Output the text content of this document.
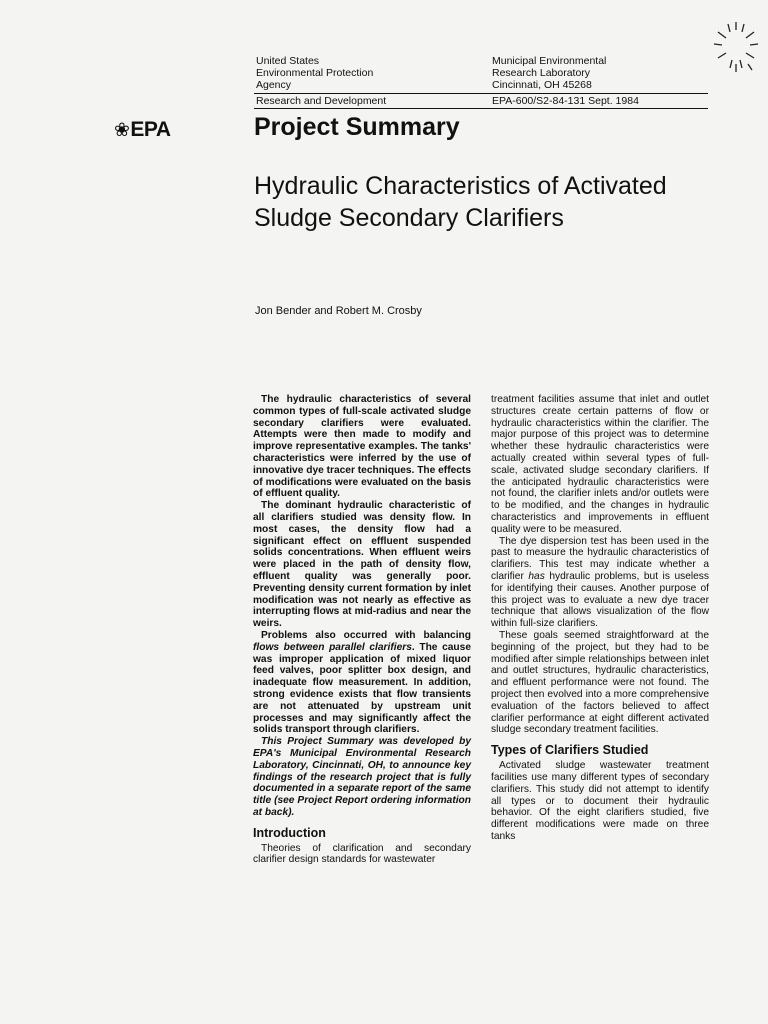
United States
Environmental Protection
Agency
Municipal Environmental
Research Laboratory
Cincinnati, OH 45268
Research and Development	EPA-600/S2-84-131 Sept. 1984
❀EPA	Project Summary
Hydraulic Characteristics of Activated Sludge Secondary Clarifiers
Jon Bender and Robert M. Crosby

The hydraulic characteristics of several common types of full-scale activated sludge secondary clarifiers were evaluated. Attempts were then made to modify and improve representative examples. The tanks' characteristics were inferred by the use of innovative dye tracer techniques. The effects of modifications were evaluated on the basis of effluent quality.

The dominant hydraulic characteristic of all clarifiers studied was density flow. In most cases, the density flow had a significant effect on effluent suspended solids concentrations. When effluent weirs were placed in the path of density flow, effluent quality was generally poor. Preventing density current formation by inlet modification was not nearly as effective as interrupting flows at mid-radius and near the weirs.

Problems also occurred with balancing flows between parallel clarifiers. The cause was improper application of mixed liquor feed valves, poor splitter box design, and inadequate flow measurement. In addition, strong evidence exists that flow transients are not attenuated by upstream unit processes and may significantly affect the solids transport through clarifiers.

This Project Summary was developed by EPA's Municipal Environmental Research Laboratory, Cincinnati, OH, to announce key findings of the research project that is fully documented in a separate report of the same title (see Project Report ordering information at back).

Introduction

Theories of clarification and secondary clarifier design standards for wastewater

treatment facilities assume that inlet and outlet structures create certain patterns of flow or hydraulic characteristics within the clarifier. The major purpose of this project was to determine whether these hydraulic characteristics were actually created within several types of full-scale, activated sludge secondary clarifiers. If the anticipated hydraulic characteristics were not found, the clarifier inlets and/or outlets were to be modified, and the changes in hydraulic characteristics and improvements in effluent quality were to be measured.

The dye dispersion test has been used in the past to measure the hydraulic characteristics of clarifiers. This test may indicate whether a clarifier has hydraulic problems, but is useless for identifying their causes. Another purpose of this project was to evaluate a new dye tracer technique that allows visualization of the flow within full-size clarifiers.

These goals seemed straightforward at the beginning of the project, but they had to be modified after simple relationships between inlet and outlet structures, hydraulic characteristics, and effluent performance were not found. The project then evolved into a more comprehensive evaluation of the factors believed to affect clarifier performance at eight different activated sludge secondary treatment facilities.

Types of Clarifiers Studied

Activated sludge wastewater treatment facilities use many different types of secondary clarifiers. This study did not attempt to identify all types or to document their hydraulic behavior. Of the eight clarifiers studied, five different modifications were made on three tanks
